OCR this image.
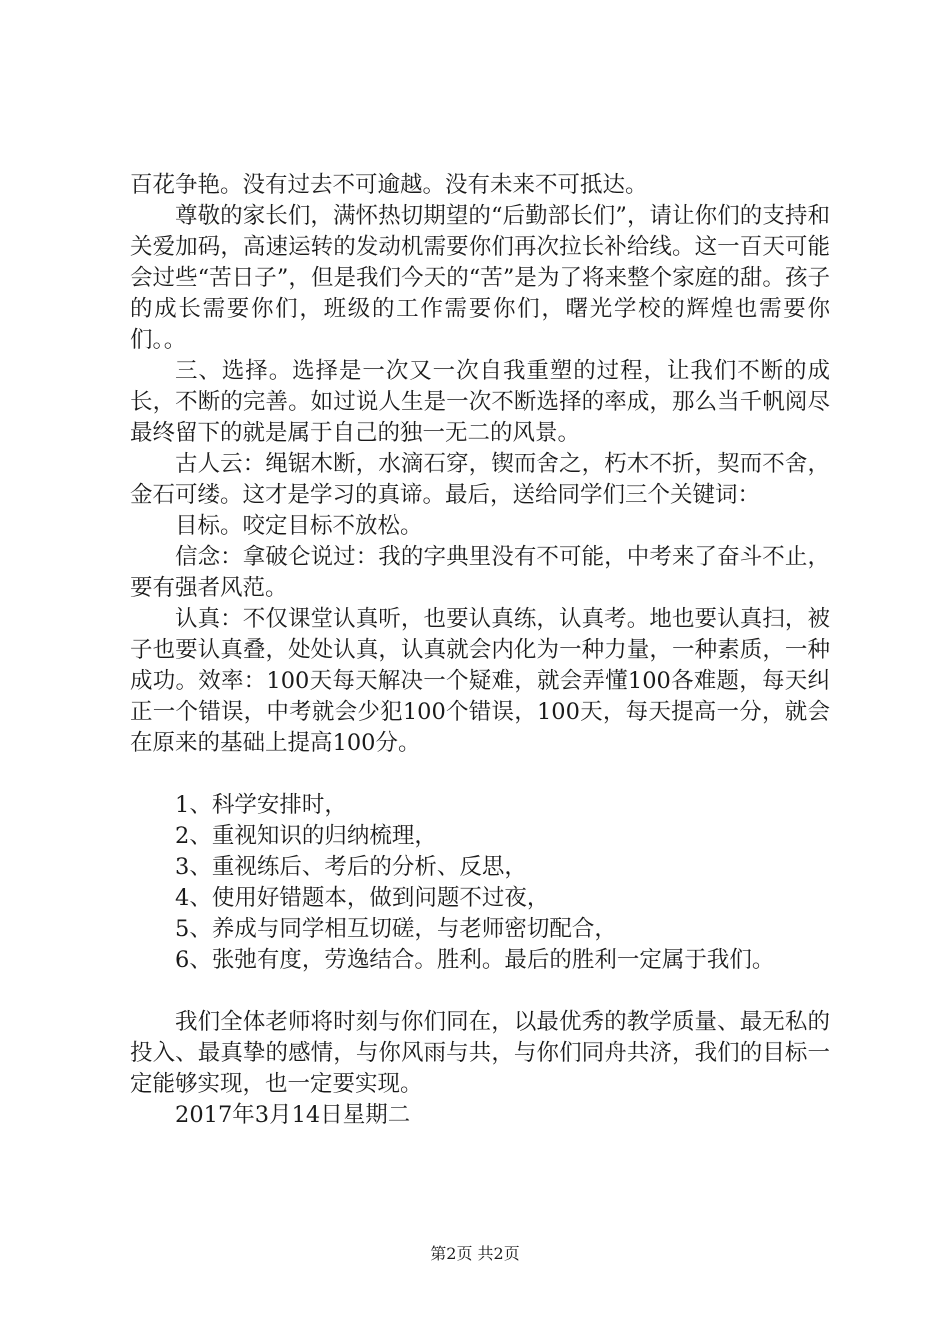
百花争艳。没有过去不可逾越。没有未来不可抵达。

尊敬的家长们，满怀热切期望的“后勤部长们”，请让你们的支持和关爱加码，高速运转的发动机需要你们再次拉长补给线。这一百天可能会过些“苦日子”，但是我们今天的“苦”是为了将来整个家庭的甜。孩子的成长需要你们，班级的工作需要你们，曙光学校的辉煌也需要你们。。

三、选择。选择是一次又一次自我重塑的过程，让我们不断的成长，不断的完善。如过说人生是一次不断选择的率成，那么当千帆阅尽最终留下的就是属于自己的独一无二的风景。

古人云：绳锯木断，水滴石穿，锲而舍之，朽木不折，契而不舍，金石可缕。这才是学习的真谛。最后，送给同学们三个关键词：

目标。咬定目标不放松。

信念：拿破仑说过：我的字典里没有不可能，中考来了奋斗不止，要有强者风范。

认真：不仅课堂认真听，也要认真练，认真考。地也要认真扫，被子也要认真叠，处处认真，认真就会内化为一种力量，一种素质，一种成功。效率：100天每天解决一个疑难，就会弄懂100各难题，每天纠正一个错误，中考就会少犯100个错误，100天，每天提高一分，就会在原来的基础上提高100分。

1、科学安排时，
2、重视知识的归纳梳理，
3、重视练后、考后的分析、反思，
4、使用好错题本，做到问题不过夜，
5、养成与同学相互切磋，与老师密切配合，
6、张弛有度，劳逸结合。胜利。最后的胜利一定属于我们。

我们全体老师将时刻与你们同在，以最优秀的教学质量、最无私的投入、最真挚的感情，与你风雨与共，与你们同舟共济，我们的目标一定能够实现，也一定要实现。

2017年3月14日星期二

第2页 共2页
